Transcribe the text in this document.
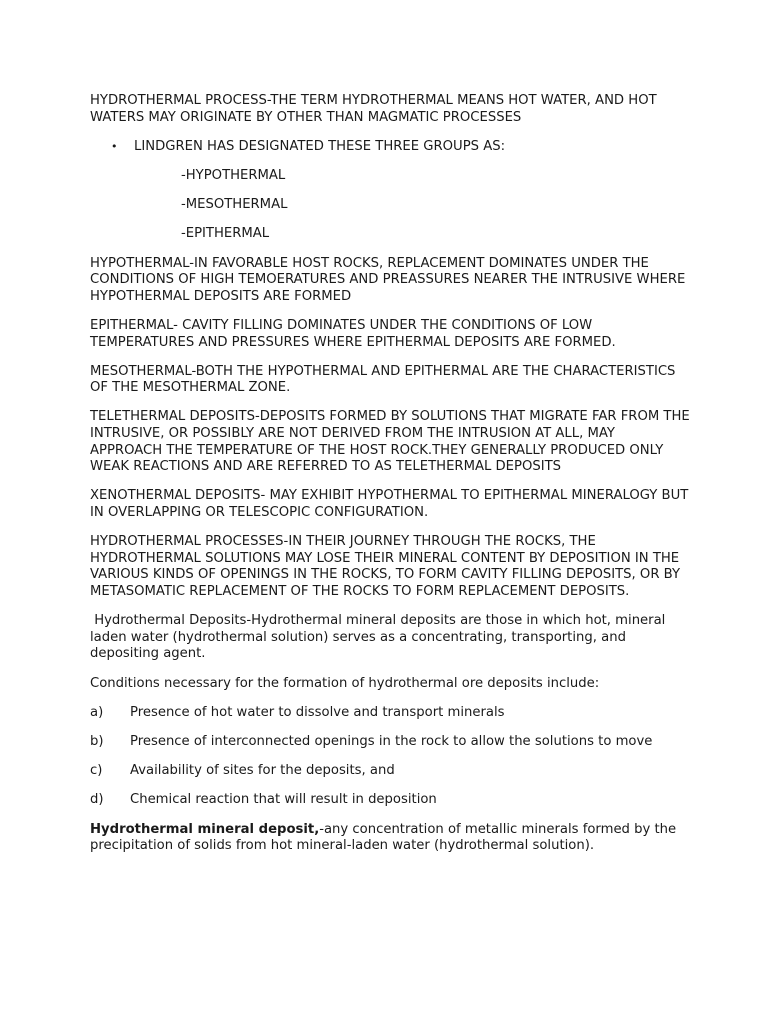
HYDROTHERMAL PROCESS-THE TERM HYDROTHERMAL MEANS HOT WATER, AND HOT WATERS MAY ORIGINATE BY OTHER THAN MAGMATIC PROCESSES

• LINDGREN HAS DESIGNATED THESE THREE GROUPS AS:

-HYPOTHERMAL

-MESOTHERMAL

-EPITHERMAL

HYPOTHERMAL-IN FAVORABLE HOST ROCKS, REPLACEMENT DOMINATES UNDER THE CONDITIONS OF HIGH TEMOERATURES AND PREASSURES NEARER THE INTRUSIVE WHERE HYPOTHERMAL DEPOSITS ARE FORMED

EPITHERMAL- CAVITY FILLING DOMINATES UNDER THE CONDITIONS OF LOW TEMPERATURES AND PRESSURES WHERE EPITHERMAL DEPOSITS ARE FORMED.

MESOTHERMAL-BOTH THE HYPOTHERMAL AND EPITHERMAL ARE THE CHARACTERISTICS OF THE MESOTHERMAL ZONE.

TELETHERMAL DEPOSITS-DEPOSITS FORMED BY SOLUTIONS THAT MIGRATE FAR FROM THE INTRUSIVE, OR POSSIBLY ARE NOT DERIVED FROM THE INTRUSION AT ALL, MAY APPROACH THE TEMPERATURE OF THE HOST ROCK.THEY GENERALLY PRODUCED ONLY WEAK REACTIONS AND ARE REFERRED TO AS TELETHERMAL DEPOSITS

XENOTHERMAL DEPOSITS- MAY EXHIBIT HYPOTHERMAL TO EPITHERMAL MINERALOGY BUT IN OVERLAPPING OR TELESCOPIC CONFIGURATION.

HYDROTHERMAL PROCESSES-IN THEIR JOURNEY THROUGH THE ROCKS, THE HYDROTHERMAL SOLUTIONS MAY LOSE THEIR MINERAL CONTENT BY DEPOSITION IN THE VARIOUS KINDS OF OPENINGS IN THE ROCKS, TO FORM CAVITY FILLING DEPOSITS, OR BY METASOMATIC REPLACEMENT OF THE ROCKS TO FORM REPLACEMENT DEPOSITS.

Hydrothermal Deposits-Hydrothermal mineral deposits are those in which hot, mineral laden water (hydrothermal solution) serves as a concentrating, transporting, and depositing agent.

Conditions necessary for the formation of hydrothermal ore deposits include:

a) Presence of hot water to dissolve and transport minerals
b) Presence of interconnected openings in the rock to allow the solutions to move
c) Availability of sites for the deposits, and
d) Chemical reaction that will result in deposition

Hydrothermal mineral deposit,-any concentration of metallic minerals formed by the precipitation of solids from hot mineral-laden water (hydrothermal solution).
